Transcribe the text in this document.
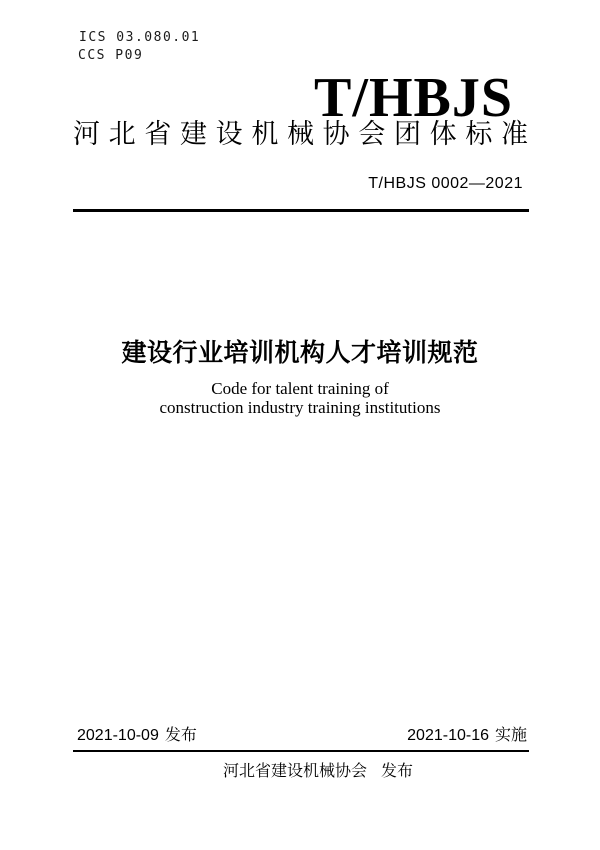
ICS 03.080.01
CCS P09
T/HBJS
河北省建设机械协会团体标准
T/HBJS 0002—2021
建设行业培训机构人才培训规范
Code for talent training of
construction industry training institutions
2021-10-09 发布	2021-10-16 实施
河北省建设机械协会 发布
